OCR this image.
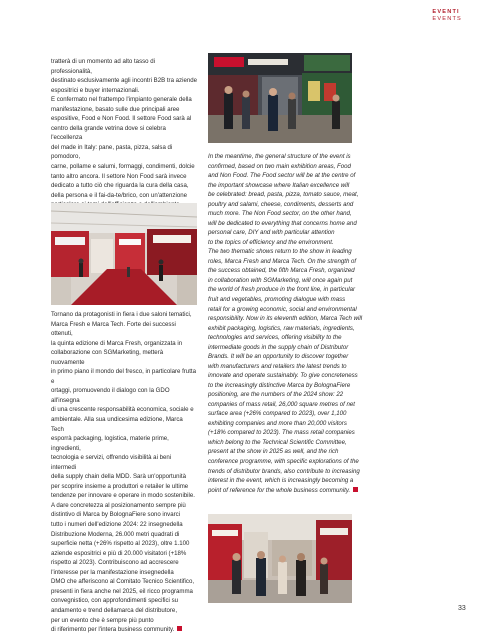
EVENTI
EVENTS

tratterà di un momento ad alto tasso di professionalità,

destinato esclusivamente agli incontri B2B tra aziende

espositrici e buyer internazionali.

E confermato nel frattempo l'impianto generale della

manifestazione, basato sulle due principali aree

espositive, Food e Non Food. Il settore Food sarà al

centro della grande vetrina dove si celebra l'eccellenza

del made in Italy: pane, pasta, pizza, salsa di pomodoro,

carne, pollame e salumi, formaggi, condimenti, dolcie

tanto altro ancora. Il settore Non Food sarà invece

dedicato a tutto ciò che riguarda la cura della casa,

della persona e il fai-da-te/brico, con un'attenzione

Tornano da protagonisti in fiera i due saloni tematici,

Marca Fresh e Marca Tech. Forte dei successi ottenuti,

la quinta edizione di Marca Fresh, organizzata in

collaborazione con SGMarketing, metterà nuovamente

in primo piano il mondo del fresco, in particolare frutta e

ortaggi, promuovendo il dialogo con la GDO all'insegna

di una crescente responsabilità economica, sociale e

ambientale. Alla sua undicesima edizione, Marca Tech

esporrà packaging, logistica, materie prime, ingredienti,

tecnologia e servizi, offrendo visibilità ai beni intermedi

della supply chain della MDD. Sarà un'opportunità

per scoprire insieme a produttori e retailer le ultime

tendenze per innovare e operare in modo sostenibile.

A dare concretezza al posizionamento sempre più

distintivo di Marca by BolognaFiere sono invarci

tutto i numeri dell'edizione 2024: 22 insegnedella

Distribuzione Moderna, 26.000 metri quadrati di

superficie netta (+26% rispetto al 2023), oltre 1.100

aziende espositrici e più di 20.000 visitatori (+18%

rispetto al 2023). Contribuiscono ad accrescere

l'interesse per la manifestazione insegnedella

DMO che afferiscono al Comitato Tecnico Scientifico,

presenti in fiera anche nel 2025, eil ricco programma

convegnistico, con approfondimenti specifici su

andamento e trend dellamarca del distributore,

per un evento che è sempre più punto

di riferimento per l'intera business community.

In the meantime, the general structure of the event is

confirmed, based on two main exhibition areas, Food

and Non Food. The Food sector will be at the centre of

the important showcase where Italian excellence will

be celebrated: bread, pasta, pizza, tomato sauce, meat,

poultry and salami, cheese, condiments, desserts and

much more. The Non Food sector, on the other hand,

will be dedicated to everything that concerns home and

personal care, DIY and with particular attention

to the topics of efficiency and the environment.

The two thematic shows return to the show in leading

roles, Marca Fresh and Marca Tech. On the strength of

the success obtained, the fifth Marca Fresh, organized

in collaboration with SGMarketing, will once again put

the world of fresh produce in the front line, in particular

fruit and vegetables, promoting dialogue with mass

retail for a growing economic, social and environmental

responsibility. Now in its eleventh edition, Marca Tech will

exhibit packaging, logistics, raw materials, ingredients,

technologies and services, offering visibility to the

intermediate goods in the supply chain of Distributor

Brands. It will be an opportunity to discover together

with manufacturers and retailers the latest trends to

innovate and operate sustainably. To give concreteness

to the increasingly distinctive Marca by BolognaFiere

positioning, are the numbers of the 2024 show: 22

companies of mass retail, 26,000 square metres of net

surface area (+26% compared to 2023), over 1,100

exhibiting companies and more than 20,000 visitors

(+18% compared to 2023). The mass retail companies

which belong to the Technical Scientific Committee,

present at the show in 2025 as well, and the rich

conference programme, with specific explorations of the

trends of distributor brands, also contribute to increasing

interest in the event, which is increasingly becoming a

point of reference for the whole business community.

33
